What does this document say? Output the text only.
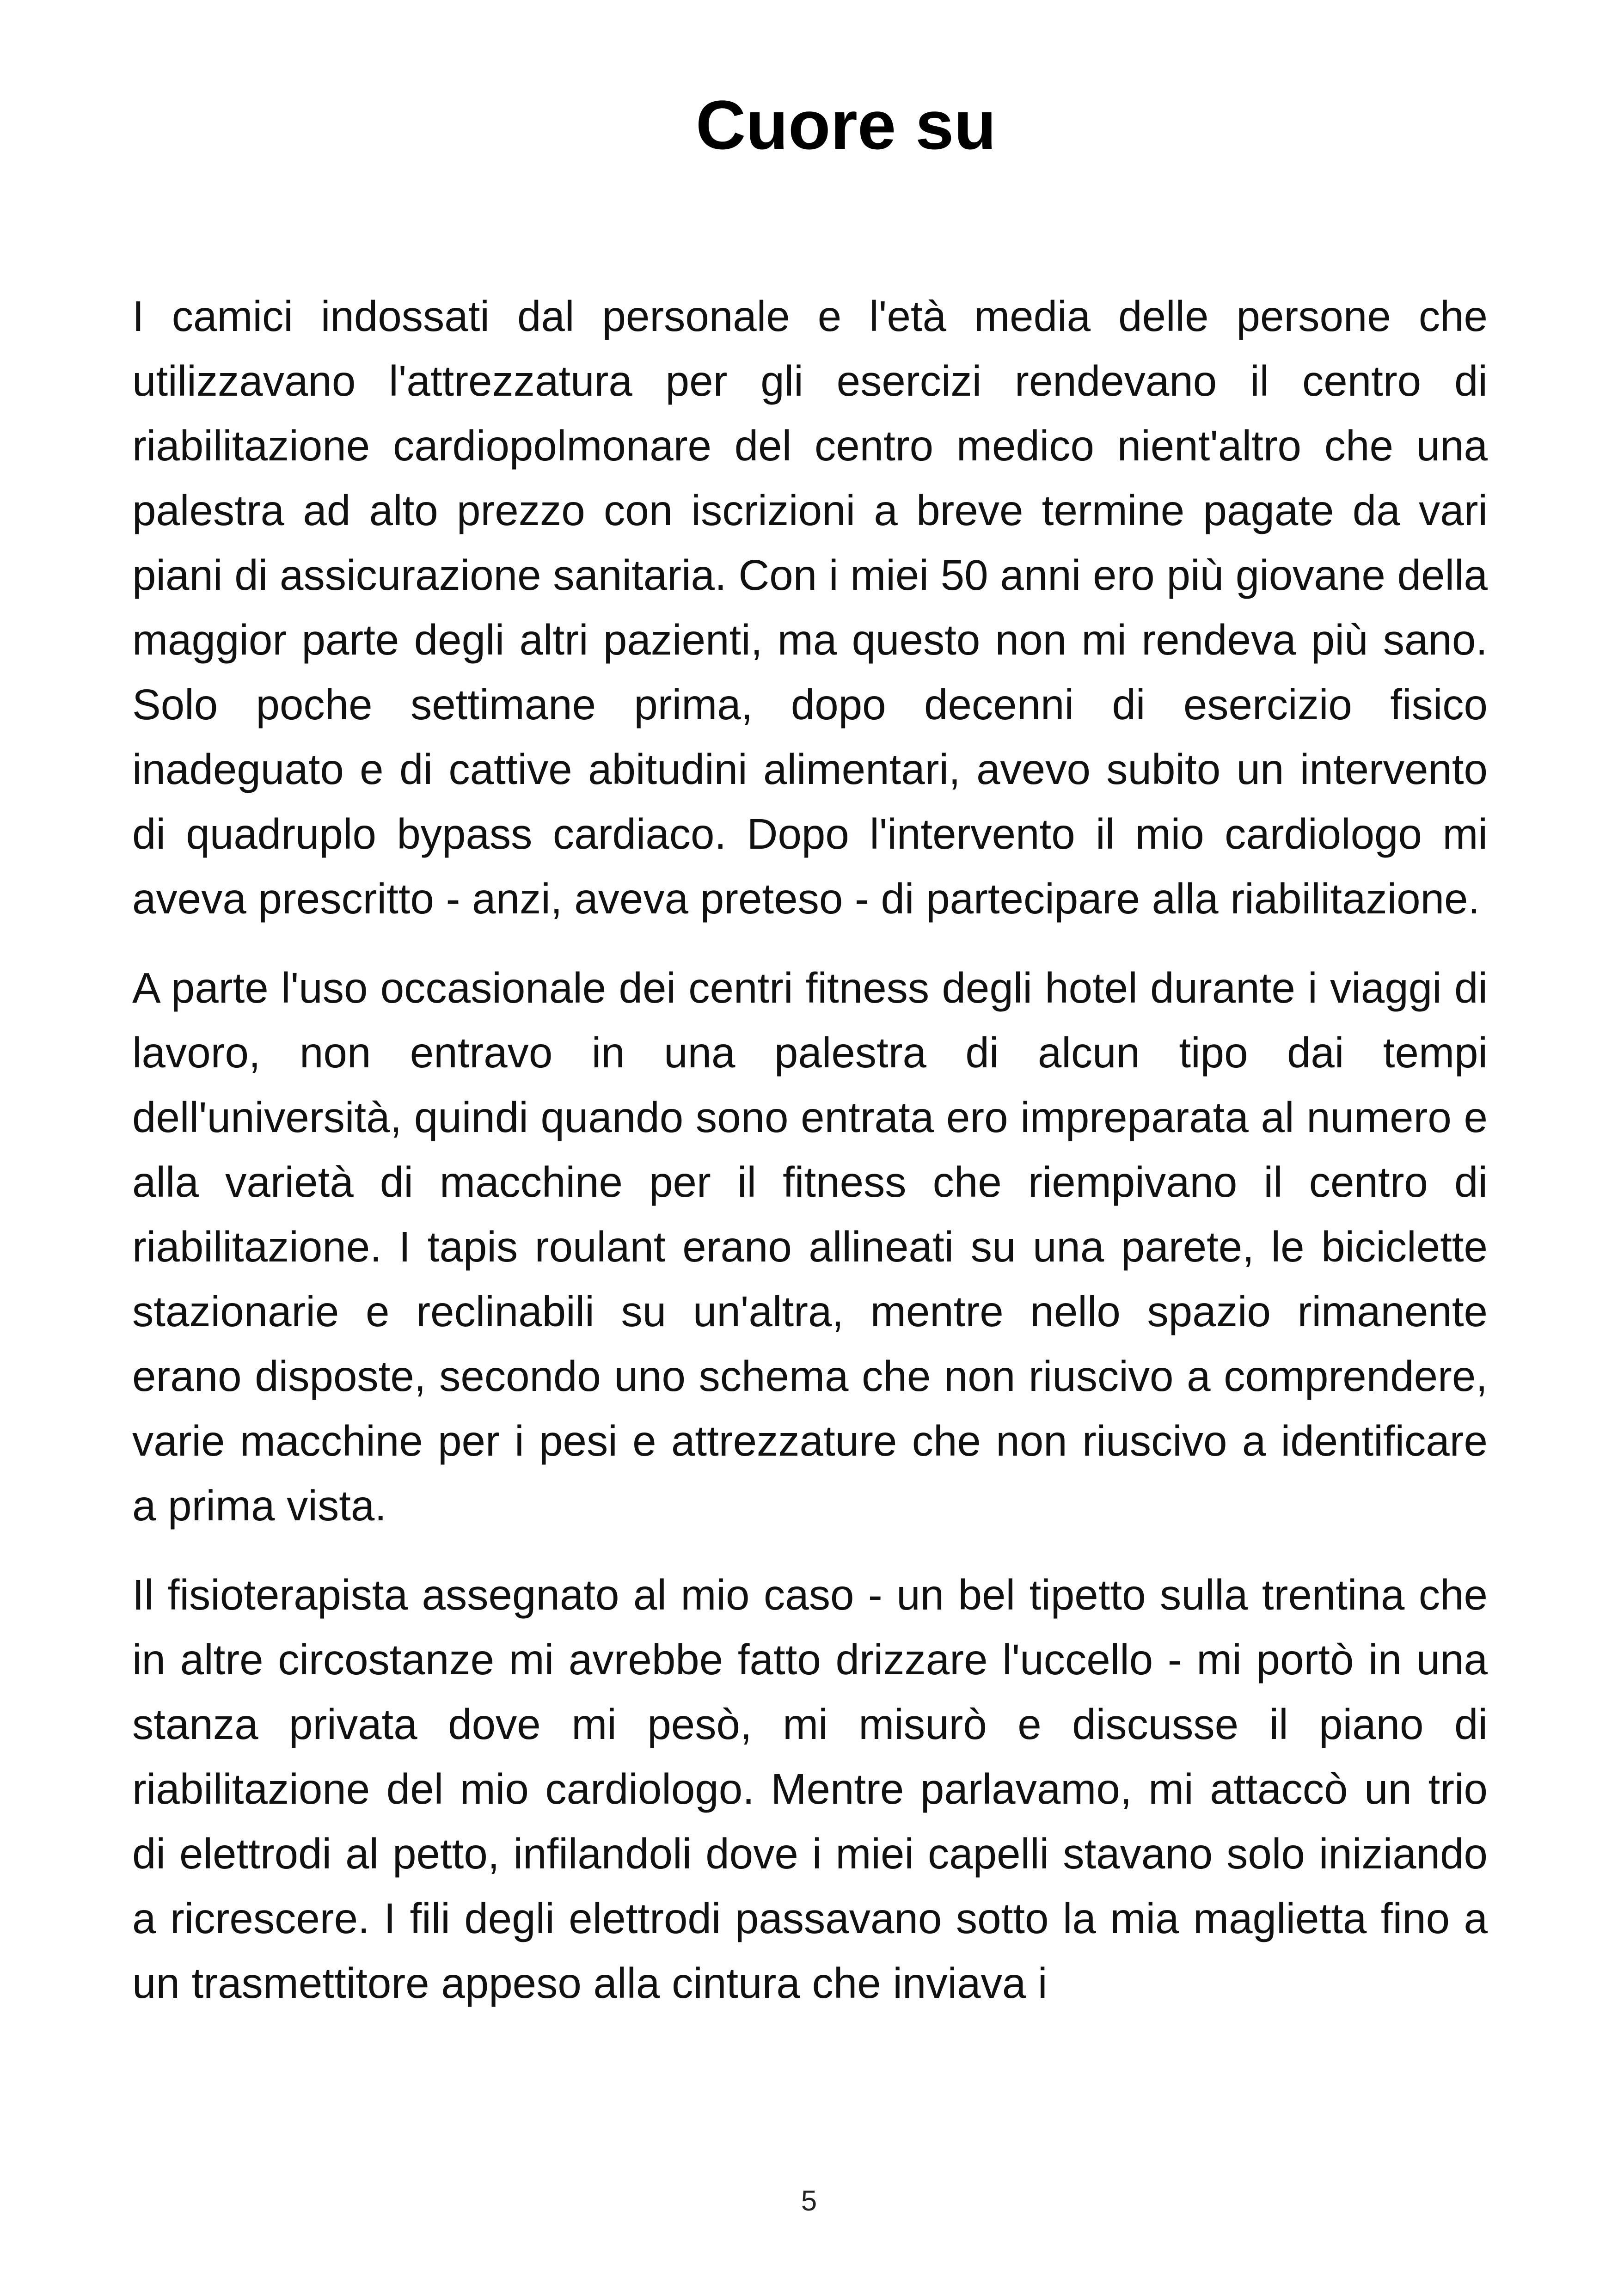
Cuore su

I camici indossati dal personale e l'età media delle persone che utilizzavano l'attrezzatura per gli esercizi rendevano il centro di riabilitazione cardiopolmonare del centro medico nient'altro che una palestra ad alto prezzo con iscrizioni a breve termine pagate da vari piani di assicurazione sanitaria. Con i miei 50 anni ero più giovane della maggior parte degli altri pazienti, ma questo non mi rendeva più sano. Solo poche settimane prima, dopo decenni di esercizio fisico inadeguato e di cattive abitudini alimentari, avevo subito un intervento di quadruplo bypass cardiaco. Dopo l'intervento il mio cardiologo mi aveva prescritto - anzi, aveva preteso - di partecipare alla riabilitazione.

A parte l'uso occasionale dei centri fitness degli hotel durante i viaggi di lavoro, non entravo in una palestra di alcun tipo dai tempi dell'università, quindi quando sono entrata ero impreparata al numero e alla varietà di macchine per il fitness che riempivano il centro di riabilitazione. I tapis roulant erano allineati su una parete, le biciclette stazionarie e reclinabili su un'altra, mentre nello spazio rimanente erano disposte, secondo uno schema che non riuscivo a comprendere, varie macchine per i pesi e attrezzature che non riuscivo a identificare a prima vista.

Il fisioterapista assegnato al mio caso - un bel tipetto sulla trentina che in altre circostanze mi avrebbe fatto drizzare l'uccello - mi portò in una stanza privata dove mi pesò, mi misurò e discusse il piano di riabilitazione del mio cardiologo. Mentre parlavamo, mi attaccò un trio di elettrodi al petto, infilandoli dove i miei capelli stavano solo iniziando a ricrescere. I fili degli elettrodi passavano sotto la mia maglietta fino a un trasmettitore appeso alla cintura che inviava i

5
